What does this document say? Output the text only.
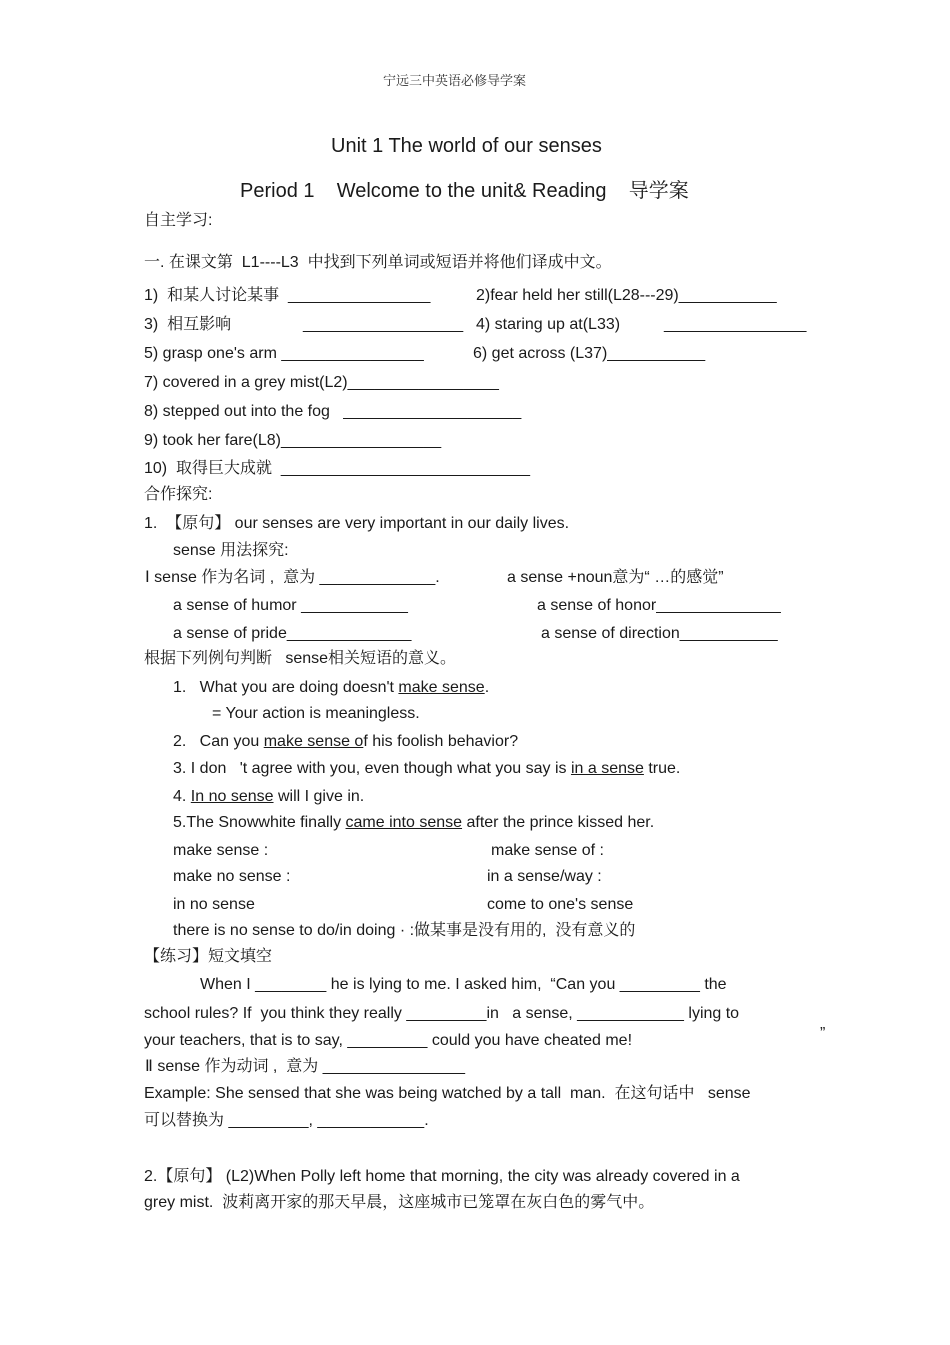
宁远三中英语必修导学案
Unit 1 The world of our senses
Period 1    Welcome to the unit& Reading    导学案
自主学习:
一. 在课文第  L1----L3  中找到下列单词或短语并将他们译成中文。
1)  和某人讨论某事  ________________	2)fear held her still(L28---29)___________
3)  相互影响	__________________ 4) staring up at(L33)	________________
5) grasp one's arm ________________	6) get across (L37)___________
7) covered in a grey mist(L2)_________________
8) stepped out into the fog   ____________________
9) took her fare(L8)__________________
10)  取得巨大成就  ____________________________
合作探究:
1.  【原句】 our senses are very important in our daily lives.
sense 用法探究:
Ⅰ sense 作为名词 ,  意为 _____________.	a sense +noun意为“ …的感觉”
a sense of humor ____________	a sense of honor______________
a sense of pride______________	a sense of direction___________
根据下列例句判断   sense相关短语的意义。
1.   What you are doing doesn't make sense.
= Your action is meaningless.
2.   Can you make sense of his foolish behavior?
3. I don   't agree with you, even though what you say is in a sense true.
4. In no sense will I give in.
5.The Snowwhite finally came into sense after the prince kissed her.
make sense :	make sense of :
make no sense :	in a sense/way :
in no sense	come to one's sense
there is no sense to do/in doing · :做某事是没有用的,  没有意义的
【练习】短文填空
When I ________ he is lying to me. I asked him,  “Can you _________ the
school rules? If  you think they really _________in   a sense, ____________ lying to
your teachers, that is to say, _________ could you have cheated me!	”
Ⅱ sense 作为动词 ,  意为 ________________
Example: She sensed that she was being watched by a tall  man.  在这句话中   sense
可以替换为 _________, ____________.
2.【原句】 (L2)When Polly left home that morning, the city was already covered in a
grey mist.  波莉离开家的那天早晨，这座城市已笼罩在灰白色的雾气中。
